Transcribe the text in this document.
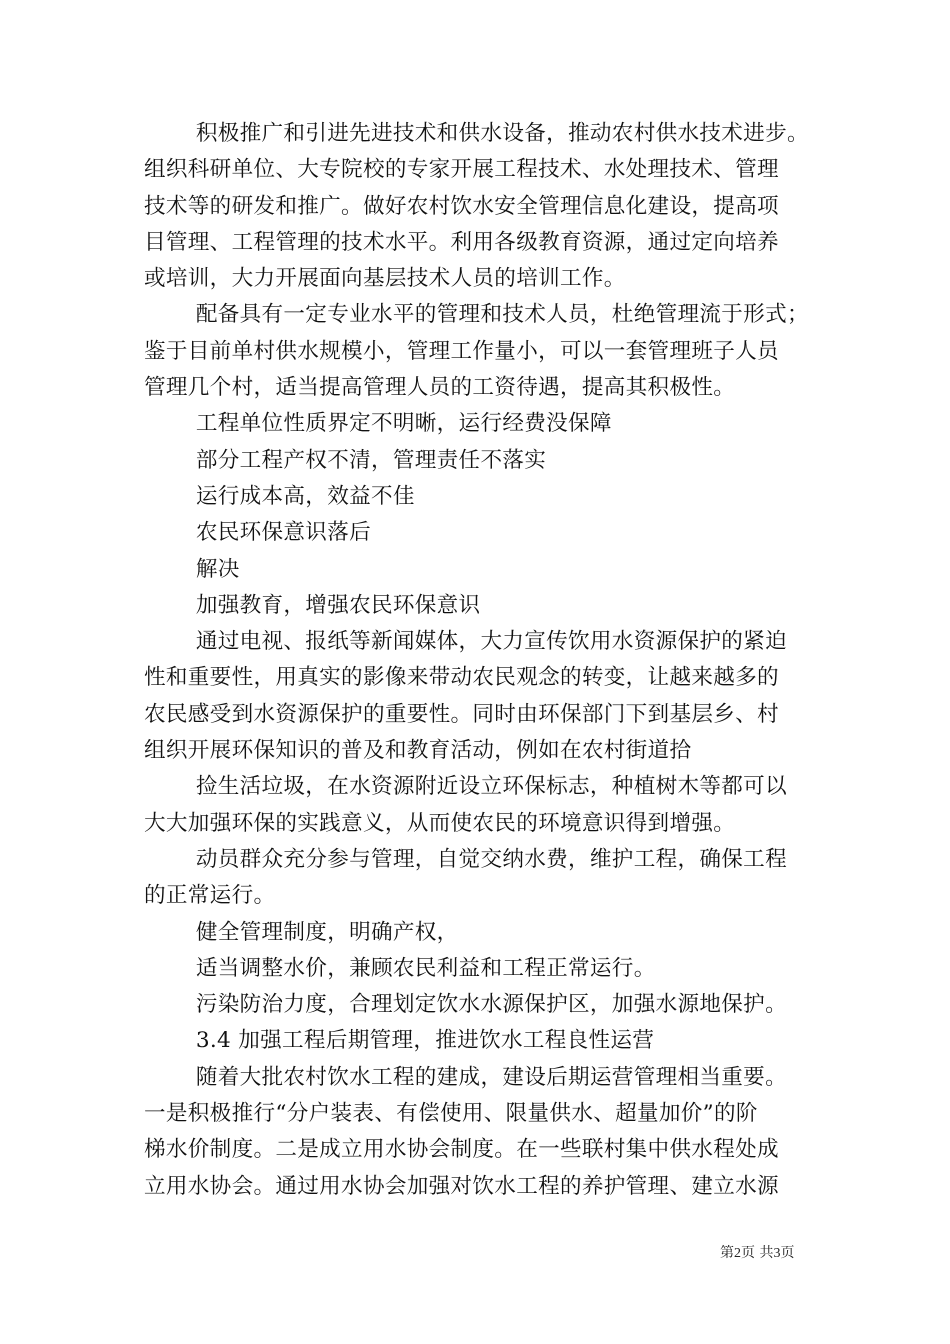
积极推广和引进先进技术和供水设备，推动农村供水技术进步。
组织科研单位、大专院校的专家开展工程技术、水处理技术、管理
技术等的研发和推广。做好农村饮水安全管理信息化建设，提高项
目管理、工程管理的技术水平。利用各级教育资源，通过定向培养
或培训，大力开展面向基层技术人员的培训工作。

配备具有一定专业水平的管理和技术人员，杜绝管理流于形式；
鉴于目前单村供水规模小，管理工作量小，可以一套管理班子人员
管理几个村，适当提高管理人员的工资待遇，提高其积极性。

工程单位性质界定不明晰，运行经费没保障

部分工程产权不清，管理责任不落实

运行成本高，效益不佳

农民环保意识落后

解决

加强教育，增强农民环保意识

通过电视、报纸等新闻媒体，大力宣传饮用水资源保护的紧迫
性和重要性，用真实的影像来带动农民观念的转变，让越来越多的
农民感受到水资源保护的重要性。同时由环保部门下到基层乡、村
组织开展环保知识的普及和教育活动，例如在农村街道拾

捡生活垃圾，在水资源附近设立环保标志，种植树木等都可以
大大加强环保的实践意义，从而使农民的环境意识得到增强。

动员群众充分参与管理，自觉交纳水费，维护工程，确保工程
的正常运行。

健全管理制度，明确产权，

适当调整水价，兼顾农民利益和工程正常运行。

污染防治力度，合理划定饮水水源保护区，加强水源地保护。

3.4 加强工程后期管理，推进饮水工程良性运营

随着大批农村饮水工程的建成，建设后期运营管理相当重要。
一是积极推行“分户装表、有偿使用、限量供水、超量加价”的阶
梯水价制度。二是成立用水协会制度。在一些联村集中供水程处成
立用水协会。通过用水协会加强对饮水工程的养护管理、建立水源

第2页 共3页
